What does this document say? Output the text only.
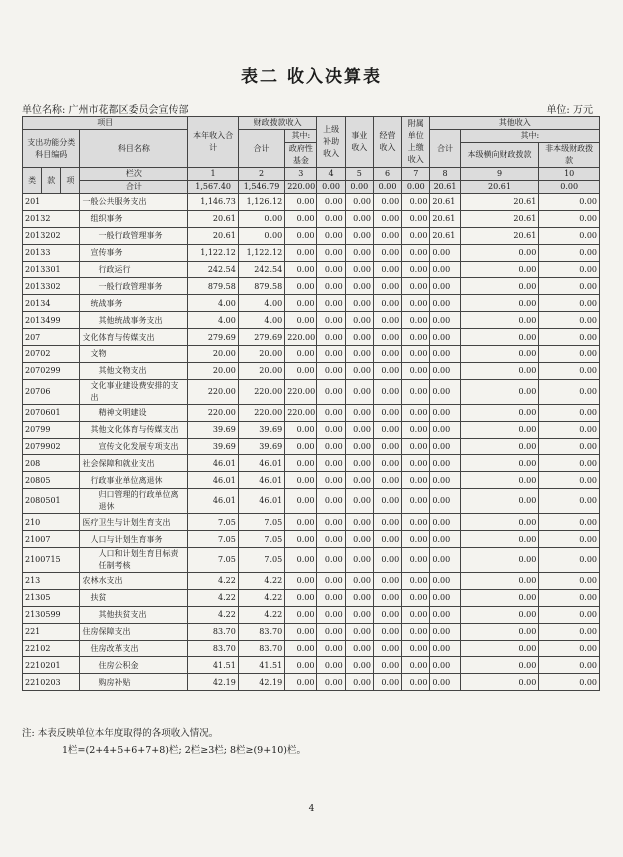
表二 收入决算表
单位名称: 广州市花都区委员会宣传部	单位: 万元
项目				本年收入合计	财政拨款收入		上级补助收入	事业收入	经营收入	附属单位上缴收入	其他收入		
支出功能分类科目编码			科目名称		合计	其中:					合计	其中:	
						政府性基金						本级横向财政拨款	非本级财政拨款
类	款	项	栏次	1	2	3	4	5	6	7	8	9	10
			合计	1,567.40	1,546.79	220.00	0.00	0.00	0.00	0.00	20.61	20.61	0.00
201			一般公共服务支出	1,146.73	1,126.12	0.00	0.00	0.00	0.00	0.00	20.61	20.61	0.00
20132			组织事务	20.61	0.00	0.00	0.00	0.00	0.00	0.00	20.61	20.61	0.00
2013202			一般行政管理事务	20.61	0.00	0.00	0.00	0.00	0.00	0.00	20.61	20.61	0.00
20133			宣传事务	1,122.12	1,122.12	0.00	0.00	0.00	0.00	0.00	0.00	0.00	0.00
2013301			行政运行	242.54	242.54	0.00	0.00	0.00	0.00	0.00	0.00	0.00	0.00
2013302			一般行政管理事务	879.58	879.58	0.00	0.00	0.00	0.00	0.00	0.00	0.00	0.00
20134			统战事务	4.00	4.00	0.00	0.00	0.00	0.00	0.00	0.00	0.00	0.00
2013499			其他统战事务支出	4.00	4.00	0.00	0.00	0.00	0.00	0.00	0.00	0.00	0.00
207			文化体育与传媒支出	279.69	279.69	220.00	0.00	0.00	0.00	0.00	0.00	0.00	0.00
20702			文物	20.00	20.00	0.00	0.00	0.00	0.00	0.00	0.00	0.00	0.00
2070299			其他文物支出	20.00	20.00	0.00	0.00	0.00	0.00	0.00	0.00	0.00	0.00
20706			文化事业建设费安排的支出	220.00	220.00	220.00	0.00	0.00	0.00	0.00	0.00	0.00	0.00
2070601			精神文明建设	220.00	220.00	220.00	0.00	0.00	0.00	0.00	0.00	0.00	0.00
20799			其他文化体育与传媒支出	39.69	39.69	0.00	0.00	0.00	0.00	0.00	0.00	0.00	0.00
2079902			宣传文化发展专项支出	39.69	39.69	0.00	0.00	0.00	0.00	0.00	0.00	0.00	0.00
208			社会保障和就业支出	46.01	46.01	0.00	0.00	0.00	0.00	0.00	0.00	0.00	0.00
20805			行政事业单位离退休	46.01	46.01	0.00	0.00	0.00	0.00	0.00	0.00	0.00	0.00
2080501			归口管理的行政单位离退休	46.01	46.01	0.00	0.00	0.00	0.00	0.00	0.00	0.00	0.00
210			医疗卫生与计划生育支出	7.05	7.05	0.00	0.00	0.00	0.00	0.00	0.00	0.00	0.00
21007			人口与计划生育事务	7.05	7.05	0.00	0.00	0.00	0.00	0.00	0.00	0.00	0.00
2100715			人口和计划生育目标责任制考核	7.05	7.05	0.00	0.00	0.00	0.00	0.00	0.00	0.00	0.00
213			农林水支出	4.22	4.22	0.00	0.00	0.00	0.00	0.00	0.00	0.00	0.00
21305			扶贫	4.22	4.22	0.00	0.00	0.00	0.00	0.00	0.00	0.00	0.00
2130599			其他扶贫支出	4.22	4.22	0.00	0.00	0.00	0.00	0.00	0.00	0.00	0.00
221			住房保障支出	83.70	83.70	0.00	0.00	0.00	0.00	0.00	0.00	0.00	0.00
22102			住房改革支出	83.70	83.70	0.00	0.00	0.00	0.00	0.00	0.00	0.00	0.00
2210201			住房公积金	41.51	41.51	0.00	0.00	0.00	0.00	0.00	0.00	0.00	0.00
2210203			购房补贴	42.19	42.19	0.00	0.00	0.00	0.00	0.00	0.00	0.00	0.00
注: 本表反映单位本年度取得的各项收入情况。
1栏=(2+4+5+6+7+8)栏; 2栏≥3栏; 8栏≥(9+10)栏。
4
